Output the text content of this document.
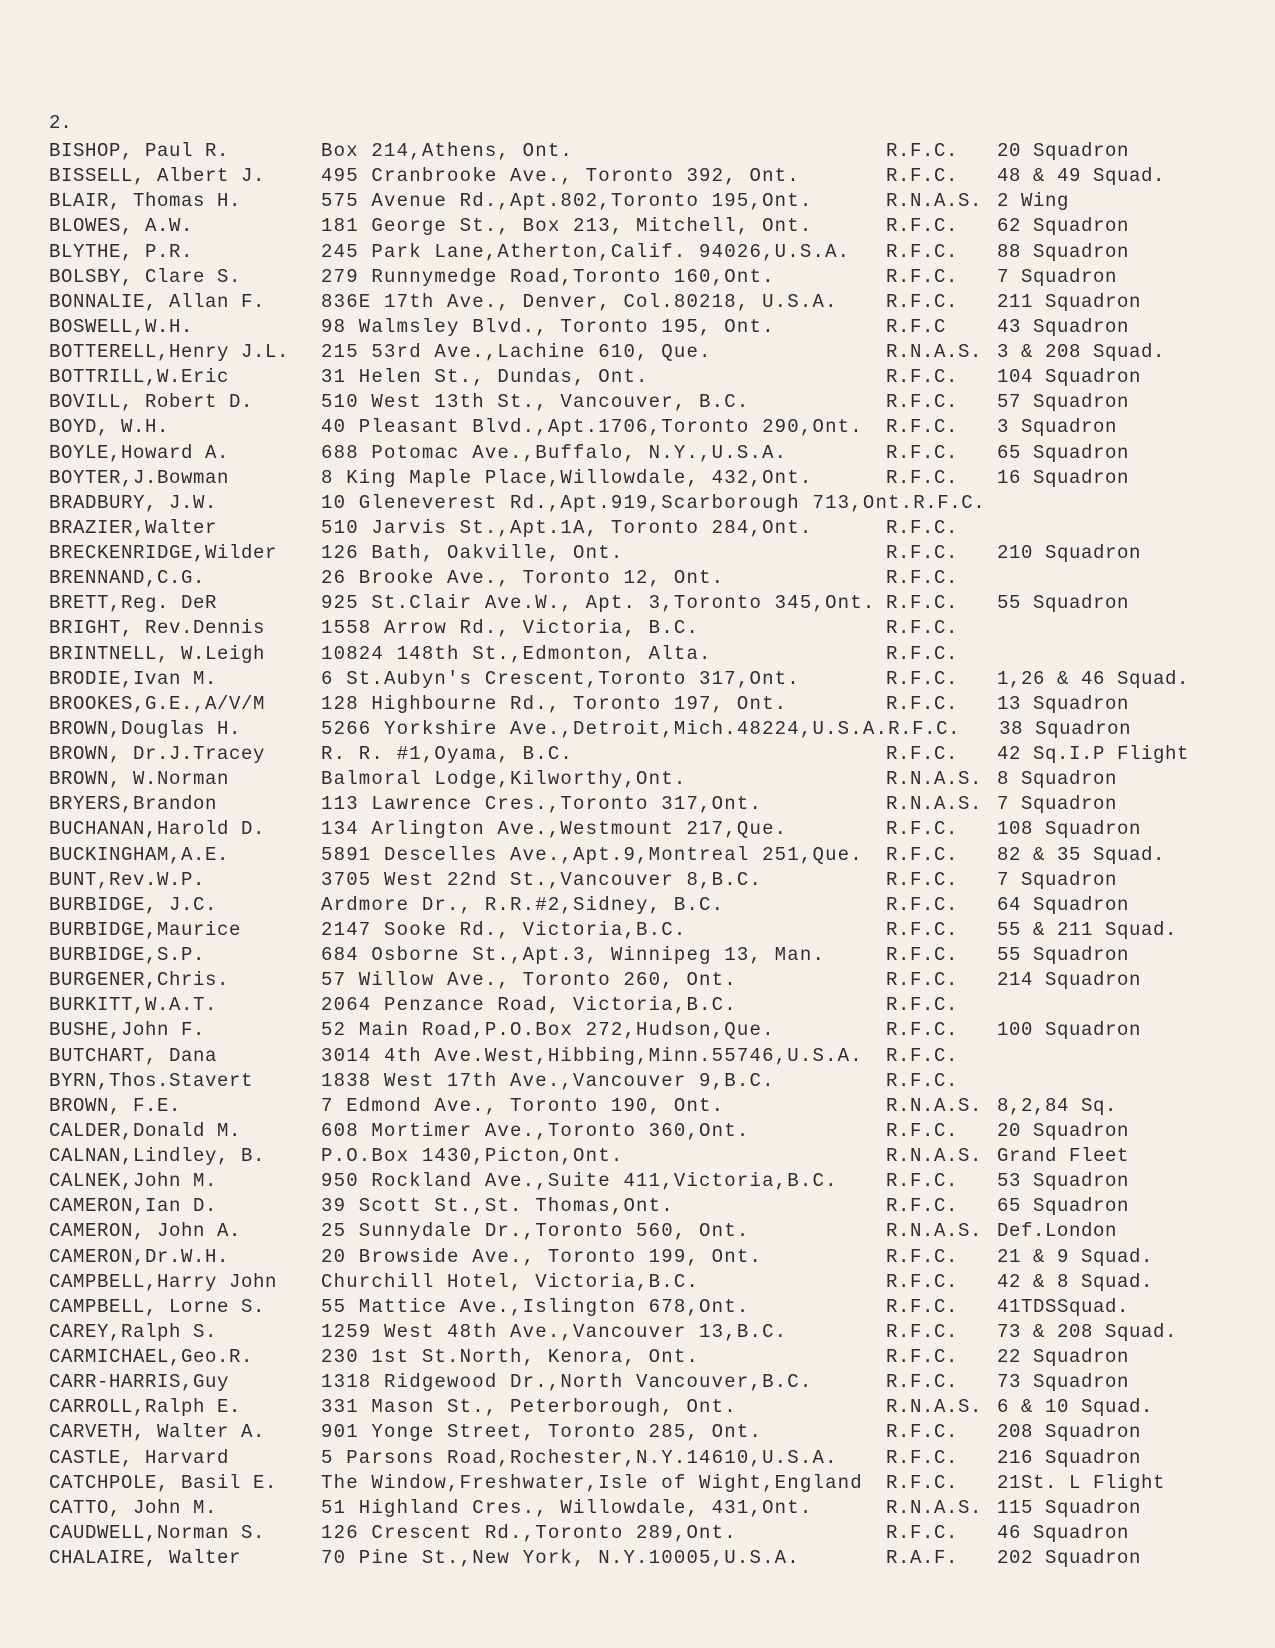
2.
BISHOP, Paul R.	Box 214,Athens, Ont.	R.F.C.	20 Squadron
BISSELL, Albert J.	495 Cranbrooke Ave., Toronto 392, Ont.	R.F.C.	48 & 49 Squad.
BLAIR, Thomas H.	575 Avenue Rd.,Apt.802,Toronto 195,Ont.	R.N.A.S. 2 Wing
BLOWES, A.W.	181 George St., Box 213, Mitchell, Ont.	R.F.C.	62 Squadron
BLYTHE, P.R.	245 Park Lane,Atherton,Calif. 94026,U.S.A.	R.F.C.	88 Squadron
BOLSBY, Clare S.	279 Runnymedge Road,Toronto 160,Ont.	R.F.C.	7 Squadron
BONNALIE, Allan F.	836E 17th Ave., Denver, Col.80218, U.S.A.	R.F.C.	211 Squadron
BOSWELL,W.H.	98 Walmsley Blvd., Toronto 195, Ont.	R.F.C	43 Squadron
BOTTERELL,Henry J.L.	215 53rd Ave.,Lachine 610, Que.	R.N.A.S. 3 & 208 Squad.
BOTTRILL,W.Eric	31 Helen St., Dundas, Ont.	R.F.C.	104 Squadron
BOVILL, Robert D.	510 West 13th St., Vancouver, B.C.	R.F.C.	57 Squadron
BOYD, W.H.	40 Pleasant Blvd.,Apt.1706,Toronto 290,Ont.	R.F.C.	3 Squadron
BOYLE,Howard A.	688 Potomac Ave.,Buffalo, N.Y.,U.S.A.	R.F.C.	65 Squadron
BOYTER,J.Bowman	8 King Maple Place,Willowdale, 432,Ont.	R.F.C.	16 Squadron
BRADBURY, J.W.	10 Gleneverest Rd.,Apt.919,Scarborough 713,Ont. R.F.C.
BRAZIER,Walter	510 Jarvis St.,Apt.1A, Toronto 284,Ont.	R.F.C.
BRECKENRIDGE,Wilder	126 Bath, Oakville, Ont.	R.F.C.	210 Squadron
BRENNAND,C.G.	26 Brooke Ave., Toronto 12, Ont.	R.F.C.
BRETT,Reg. DeR	925 St.Clair Ave.W., Apt. 3,Toronto 345,Ont. R.F.C.	55 Squadron
BRIGHT, Rev.Dennis	1558 Arrow Rd., Victoria, B.C.	R.F.C.
BRINTNELL, W.Leigh	10824 148th St.,Edmonton, Alta.	R.F.C.
BRODIE,Ivan M.	6 St.Aubyn's Crescent,Toronto 317,Ont.	R.F.C.	1,26 & 46 Squad.
BROOKES,G.E.,A/V/M	128 Highbourne Rd., Toronto 197, Ont.	R.F.C.	13 Squadron
BROWN,Douglas H.	5266 Yorkshire Ave.,Detroit,Mich.48224,U.S.A. R.F.C.	38 Squadron
BROWN, Dr.J.Tracey	R. R. #1,Oyama, B.C.	R.F.C.	42 Sq.I.P Flight
BROWN, W.Norman	Balmoral Lodge,Kilworthy,Ont.	R.N.A.S. 8 Squadron
BRYERS,Brandon	113 Lawrence Cres.,Toronto 317,Ont.	R.N.A.S. 7 Squadron
BUCHANAN,Harold D.	134 Arlington Ave.,Westmount 217,Que.	R.F.C.	108 Squadron
BUCKINGHAM,A.E.	5891 Descelles Ave.,Apt.9,Montreal 251,Que.	R.F.C.	82 & 35 Squad.
BUNT,Rev.W.P.	3705 West 22nd St.,Vancouver 8,B.C.	R.F.C.	7 Squadron
BURBIDGE, J.C.	Ardmore Dr., R.R.#2,Sidney, B.C.	R.F.C.	64 Squadron
BURBIDGE,Maurice	2147 Sooke Rd., Victoria,B.C.	R.F.C.	55 & 211 Squad.
BURBIDGE,S.P.	684 Osborne St.,Apt.3, Winnipeg 13, Man.	R.F.C.	55 Squadron
BURGENER,Chris.	57 Willow Ave., Toronto 260, Ont.	R.F.C.	214 Squadron
BURKITT,W.A.T.	2064 Penzance Road, Victoria,B.C.	R.F.C.
BUSHE,John F.	52 Main Road,P.O.Box 272,Hudson,Que.	R.F.C.	100 Squadron
BUTCHART, Dana	3014 4th Ave.West,Hibbing,Minn.55746,U.S.A.	R.F.C.
BYRN,Thos.Stavert	1838 West 17th Ave.,Vancouver 9,B.C.	R.F.C.
BROWN, F.E.	7 Edmond Ave., Toronto 190, Ont.	R.N.A.S. 8,2,84 Sq.
CALDER,Donald M.	608 Mortimer Ave.,Toronto 360,Ont.	R.F.C.	20 Squadron
CALNAN,Lindley, B.	P.O.Box 1430,Picton,Ont.	R.N.A.S. Grand Fleet
CALNEK,John M.	950 Rockland Ave.,Suite 411,Victoria,B.C.	R.F.C.	53 Squadron
CAMERON,Ian D.	39 Scott St.,St. Thomas,Ont.	R.F.C.	65 Squadron
CAMERON, John A.	25 Sunnydale Dr.,Toronto 560, Ont.	R.N.A.S. Def.London
CAMERON,Dr.W.H.	20 Browside Ave., Toronto 199, Ont.	R.F.C.	21 & 9 Squad.
CAMPBELL,Harry John	Churchill Hotel, Victoria,B.C.	R.F.C.	42 & 8 Squad.
CAMPBELL, Lorne S.	55 Mattice Ave.,Islington 678,Ont.	R.F.C.	41TDSSquad.
CAREY,Ralph S.	1259 West 48th Ave.,Vancouver 13,B.C.	R.F.C.	73 & 208 Squad.
CARMICHAEL,Geo.R.	230 1st St.North, Kenora, Ont.	R.F.C.	22 Squadron
CARR-HARRIS,Guy	1318 Ridgewood Dr.,North Vancouver,B.C.	R.F.C.	73 Squadron
CARROLL,Ralph E.	331 Mason St., Peterborough, Ont.	R.N.A.S. 6 & 10 Squad.
CARVETH, Walter A.	901 Yonge Street, Toronto 285, Ont.	R.F.C.	208 Squadron
CASTLE, Harvard	5 Parsons Road,Rochester,N.Y.14610,U.S.A.	R.F.C.	216 Squadron
CATCHPOLE, Basil E.	The Window,Freshwater,Isle of Wight,England	R.F.C.	21St. L Flight
CATTO, John M.	51 Highland Cres., Willowdale, 431,Ont.	R.N.A.S. 115 Squadron
CAUDWELL,Norman S.	126 Crescent Rd.,Toronto 289,Ont.	R.F.C.	46 Squadron
CHALAIRE, Walter	70 Pine St.,New York, N.Y.10005,U.S.A.	R.A.F.	202 Squadron
